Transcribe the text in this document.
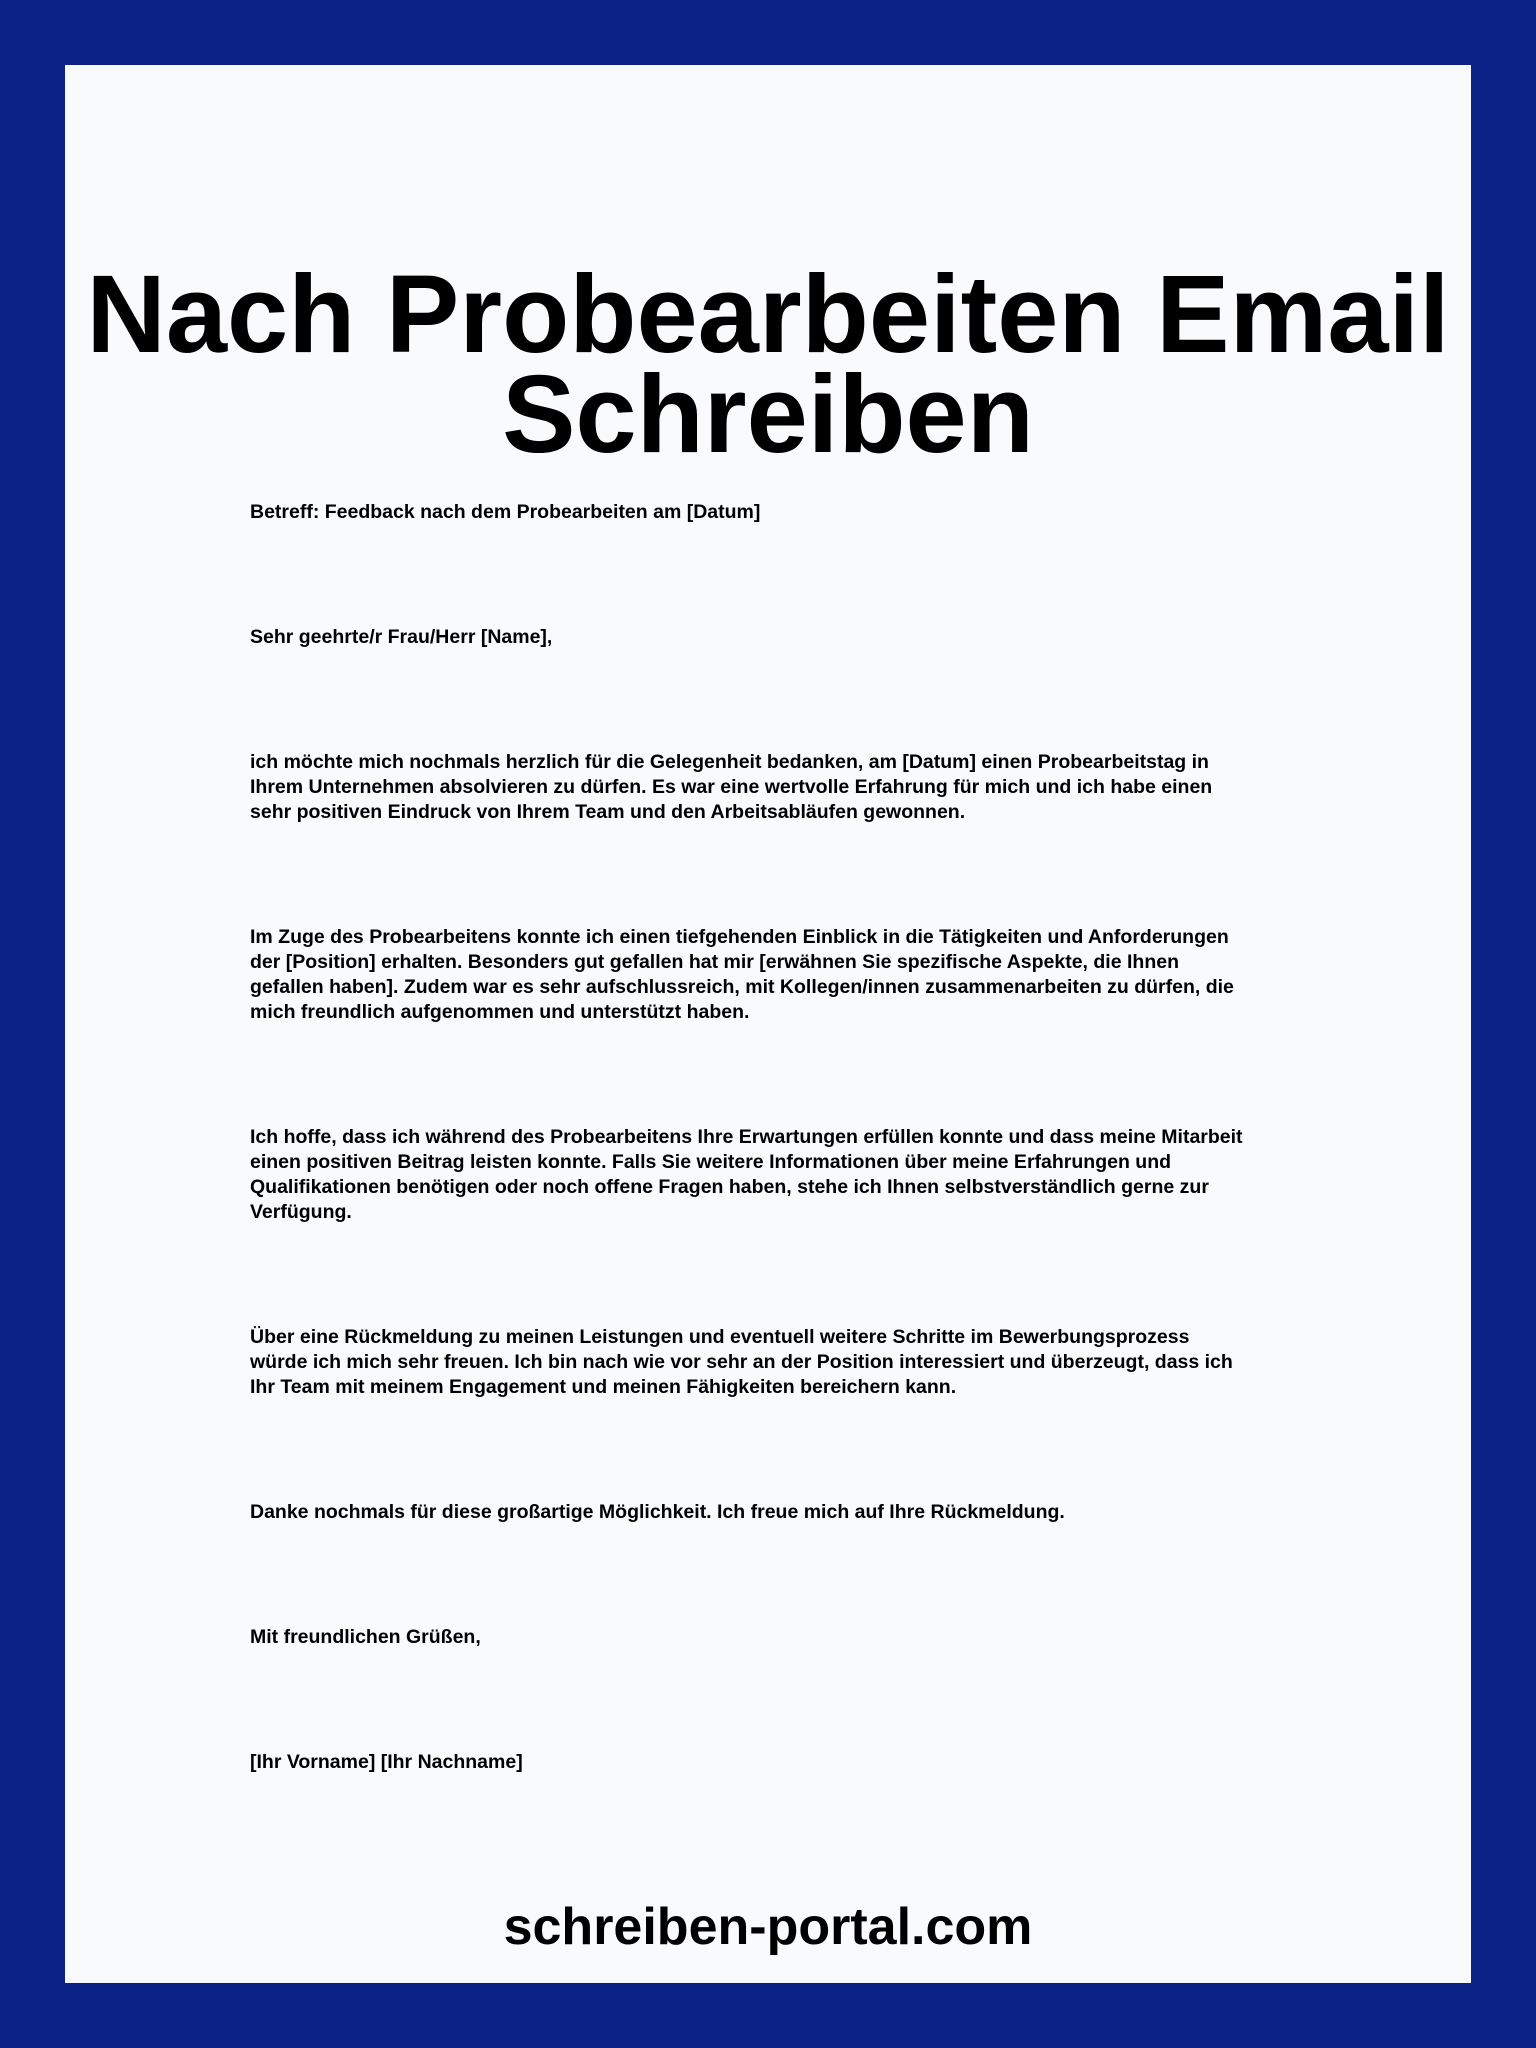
Nach Probearbeiten Email Schreiben

Betreff: Feedback nach dem Probearbeiten am [Datum]

Sehr geehrte/r Frau/Herr [Name],

ich möchte mich nochmals herzlich für die Gelegenheit bedanken, am [Datum] einen Probearbeitstag in
Ihrem Unternehmen absolvieren zu dürfen. Es war eine wertvolle Erfahrung für mich und ich habe einen
sehr positiven Eindruck von Ihrem Team und den Arbeitsabläufen gewonnen.

Im Zuge des Probearbeitens konnte ich einen tiefgehenden Einblick in die Tätigkeiten und Anforderungen
der [Position] erhalten. Besonders gut gefallen hat mir [erwähnen Sie spezifische Aspekte, die Ihnen
gefallen haben]. Zudem war es sehr aufschlussreich, mit Kollegen/innen zusammenarbeiten zu dürfen, die
mich freundlich aufgenommen und unterstützt haben.

Ich hoffe, dass ich während des Probearbeitens Ihre Erwartungen erfüllen konnte und dass meine Mitarbeit
einen positiven Beitrag leisten konnte. Falls Sie weitere Informationen über meine Erfahrungen und
Qualifikationen benötigen oder noch offene Fragen haben, stehe ich Ihnen selbstverständlich gerne zur
Verfügung.

Über eine Rückmeldung zu meinen Leistungen und eventuell weitere Schritte im Bewerbungsprozess
würde ich mich sehr freuen. Ich bin nach wie vor sehr an der Position interessiert und überzeugt, dass ich
Ihr Team mit meinem Engagement und meinen Fähigkeiten bereichern kann.

Danke nochmals für diese großartige Möglichkeit. Ich freue mich auf Ihre Rückmeldung.

Mit freundlichen Grüßen,

[Ihr Vorname] [Ihr Nachname]

schreiben-portal.com
